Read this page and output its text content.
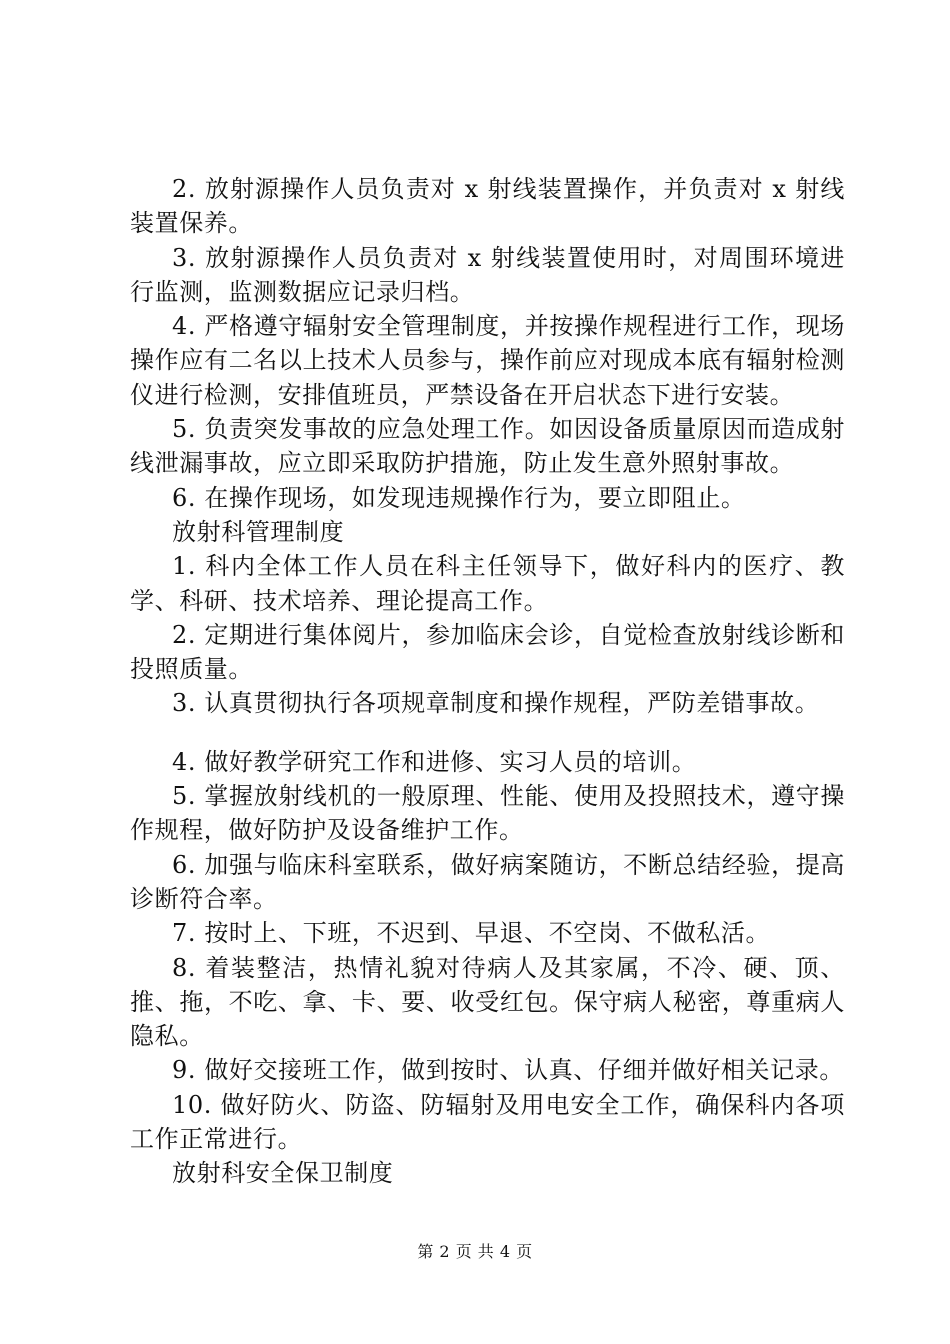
2. 放射源操作人员负责对 x 射线装置操作，并负责对 x 射线装置保养。

3. 放射源操作人员负责对 x 射线装置使用时，对周围环境进行监测，监测数据应记录归档。

4. 严格遵守辐射安全管理制度，并按操作规程进行工作，现场操作应有二名以上技术人员参与，操作前应对现成本底有辐射检测仪进行检测，安排值班员，严禁设备在开启状态下进行安装。

5. 负责突发事故的应急处理工作。如因设备质量原因而造成射线泄漏事故，应立即采取防护措施，防止发生意外照射事故。

6. 在操作现场，如发现违规操作行为，要立即阻止。

放射科管理制度

1. 科内全体工作人员在科主任领导下，做好科内的医疗、教学、科研、技术培养、理论提高工作。

2. 定期进行集体阅片，参加临床会诊，自觉检查放射线诊断和投照质量。

3. 认真贯彻执行各项规章制度和操作规程，严防差错事故。

4. 做好教学研究工作和进修、实习人员的培训。

5. 掌握放射线机的一般原理、性能、使用及投照技术，遵守操作规程，做好防护及设备维护工作。

6. 加强与临床科室联系，做好病案随访，不断总结经验，提高诊断符合率。

7. 按时上、下班，不迟到、早退、不空岗、不做私活。

8. 着装整洁，热情礼貌对待病人及其家属，不冷、硬、顶、推、拖，不吃、拿、卡、要、收受红包。保守病人秘密，尊重病人隐私。

9. 做好交接班工作，做到按时、认真、仔细并做好相关记录。

10. 做好防火、防盗、防辐射及用电安全工作，确保科内各项工作正常进行。

放射科安全保卫制度

第 2 页 共 4 页
